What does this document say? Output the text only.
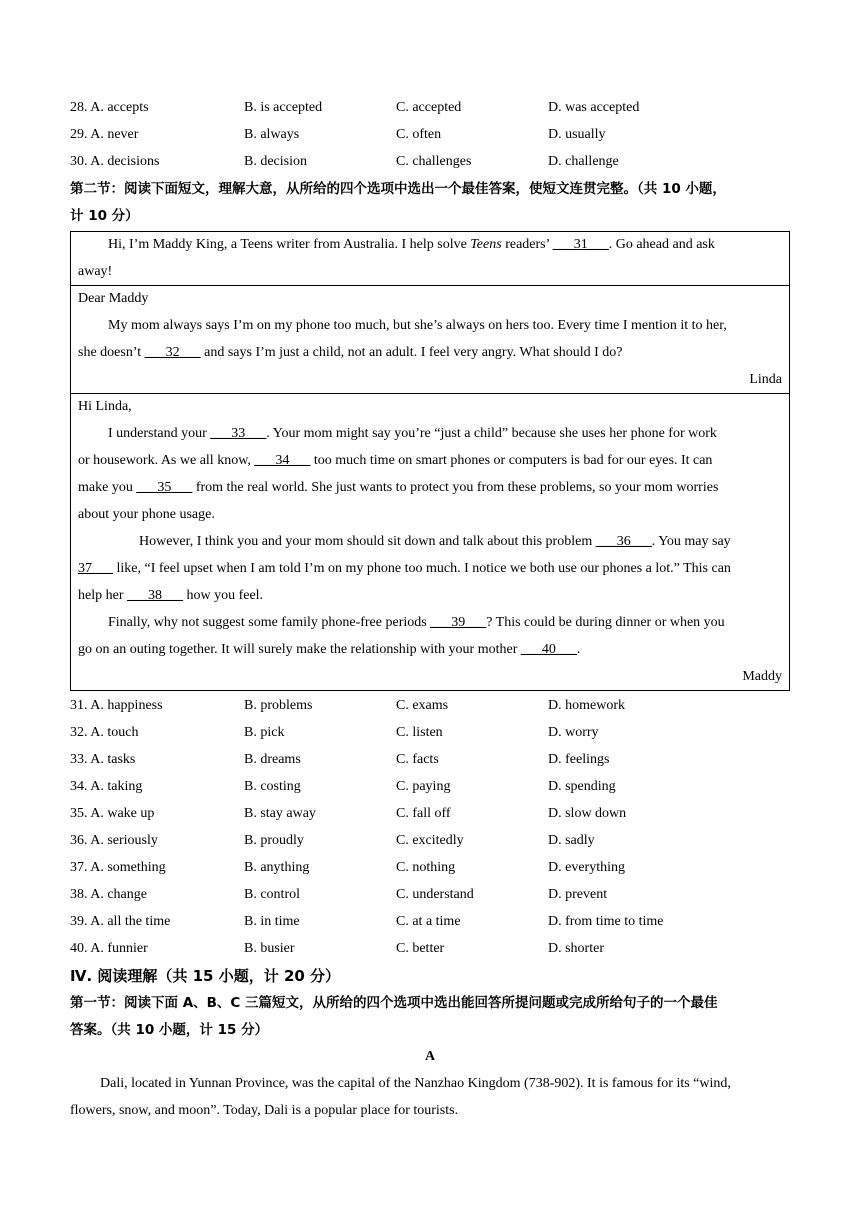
28. A. accepts	B. is accepted	C. accepted	D. was accepted
29. A. never	B. always	C. often	D. usually
30. A. decisions	B. decision	C. challenges	D. challenge
第二节：阅读下面短文，理解大意，从所给的四个选项中选出一个最佳答案，使短文连贯完整。（共 10 小题，
计 10 分）
Hi, I’m Maddy King, a Teens writer from Australia. I help solve Teens readers’ ___31___. Go ahead and ask
away!
Dear Maddy
My mom always says I’m on my phone too much, but she’s always on hers too. Every time I mention it to her,
she doesn’t ___32___ and says I’m just a child, not an adult. I feel very angry. What should I do?
Linda
Hi Linda,
I understand your ___33___. Your mom might say you’re “just a child” because she uses her phone for work
or housework. As we all know, ___34___ too much time on smart phones or computers is bad for our eyes. It can
make you ___35___ from the real world. She just wants to protect you from these problems, so your mom worries
about your phone usage.
However, I think you and your mom should sit down and talk about this problem ___36___. You may say
37___ like, “I feel upset when I am told I’m on my phone too much. I notice we both use our phones a lot.” This can
help her ___38___ how you feel.
Finally, why not suggest some family phone-free periods ___39___? This could be during dinner or when you
go on an outing together. It will surely make the relationship with your mother ___40___.
Maddy
31. A. happiness	B. problems	C. exams	D. homework
32. A. touch	B. pick	C. listen	D. worry
33. A. tasks	B. dreams	C. facts	D. feelings
34. A. taking	B. costing	C. paying	D. spending
35. A. wake up	B. stay away	C. fall off	D. slow down
36. A. seriously	B. proudly	C. excitedly	D. sadly
37. A. something	B. anything	C. nothing	D. everything
38. A. change	B. control	C. understand	D. prevent
39. A. all the time	B. in time	C. at a time	D. from time to time
40. A. funnier	B. busier	C. better	D. shorter
Ⅳ. 阅读理解（共 15 小题，计 20 分）
第一节：阅读下面 A、B、C 三篇短文，从所给的四个选项中选出能回答所提问题或完成所给句子的一个最佳
答案。（共 10 小题，计 15 分）
A
Dali, located in Yunnan Province, was the capital of the Nanzhao Kingdom (738-902). It is famous for its “wind,
flowers, snow, and moon”. Today, Dali is a popular place for tourists.
